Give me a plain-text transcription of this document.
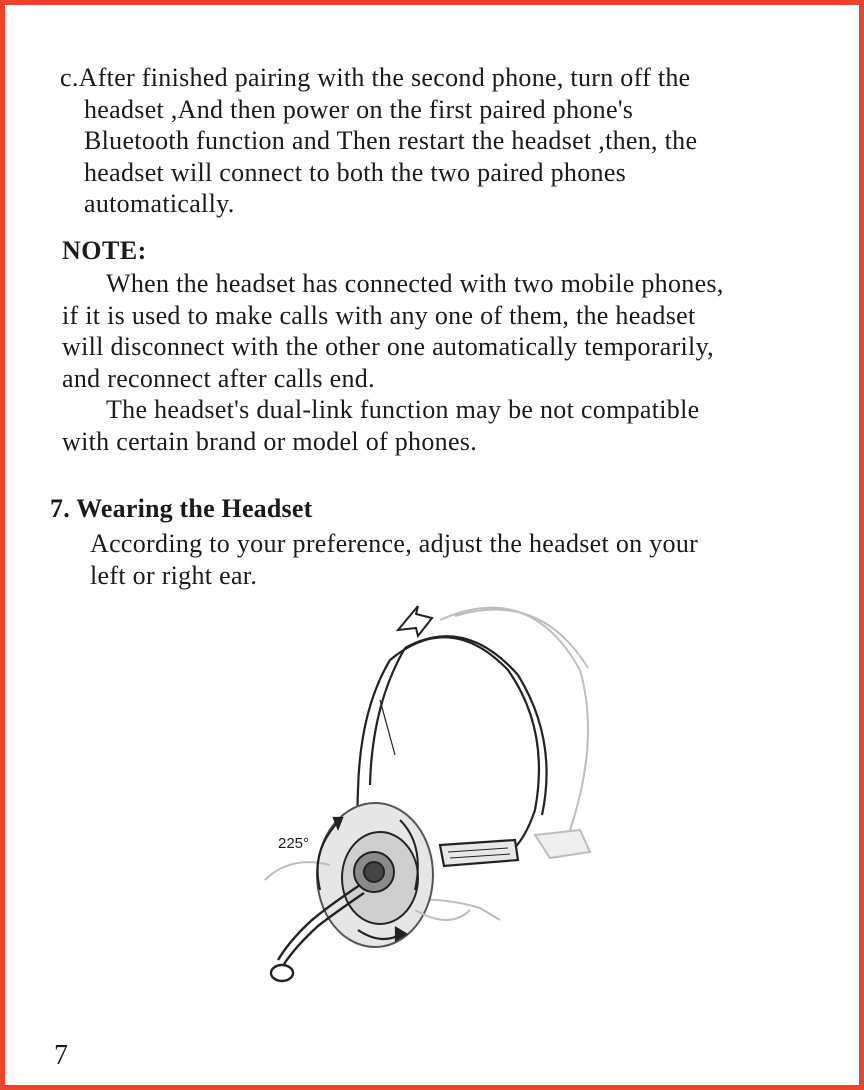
c.After finished pairing with the second phone, turn off the
headset ,And then power on the first paired phone's
Bluetooth function and Then restart the headset ,then, the
headset will connect to both the two paired phones
automatically.

NOTE:

When the headset has connected with two mobile phones,
if it is used to make calls with any one of them, the headset
will disconnect with the other one automatically temporarily,
and reconnect after calls end.
The headset's dual-link function may be not compatible
with certain brand or model of phones.

7. Wearing the Headset

According to your preference, adjust the headset on your
left or right ear.
225°

7
